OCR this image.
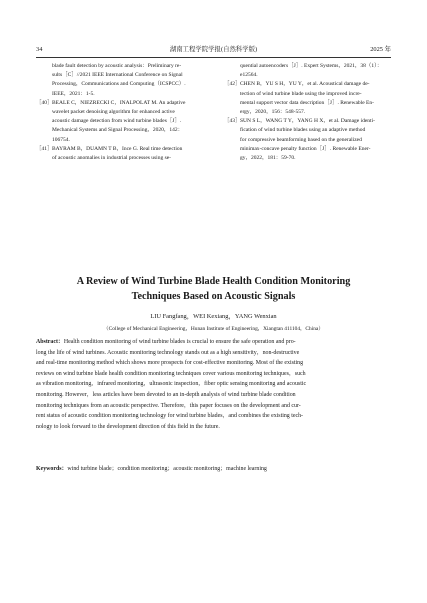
34	湖南工程学院学报(自然科学版)	2025 年
blade fault detection by acoustic analysis：Preliminary re-
sults［C］//2021 IEEE International Conference on Signal
Processing，Communications and Computing（ICSPCC）.
IEEE，2021：1-5.
［40］ BEALE C，NIEZRECKI C，INALPOLAT M. An adaptive
wavelet packet denoising algorithm for enhanced active
acoustic damage detection from wind turbine blades［J］.
Mechanical Systems and Signal Processing，2020，142：
106754.
［41］ BAYRAM B，DUAMN T B，Ince G. Real time detection
of acoustic anomalies in industrial processes using se-
quential autoencoders［J］. Expert Systems，2021，38（1）：
e12564.
［42］ CHEN B，YU S H，YU Y，et al. Acoustical damage de-
tection of wind turbine blade using the improved incre-
mental support vector data description［J］. Renewable En-
ergy，2020，156：548-557.
［43］ SUN S L，WANG T Y，YANG H X，et al. Damage identi-
fication of wind turbine blades using an adaptive method
for compressive beamforming based on the generalized
minimax-concave penalty function［J］. Renewable Ener-
gy，2022，181：59-70.
A Review of Wind Turbine Blade Health Condition Monitoring
Techniques Based on Acoustic Signals
LIU Fangfang，WEI Kexiang，YANG Wenxian
（College of Mechanical Engineering，Hunan Institute of Engineering，Xiangtan 411104，China）
Abstract：Health condition monitoring of wind turbine blades is crucial to ensure the safe operation and pro-
long the life of wind turbines. Acoustic monitoring technology stands out as a high sensitivity，non-destructive
and real-time monitoring method which shows more prospects for cost-effective monitoring. Most of the existing
reviews on wind turbine blade health condition monitoring techniques cover various monitoring techniques，such
as vibration monitoring，infrared monitoring，ultrasonic inspection，fiber optic sensing monitoring and acoustic
monitoring. However，less articles have been devoted to an in-depth analysis of wind turbine blade condition
monitoring techniques from an acoustic perspective. Therefore，this paper focuses on the development and cur-
rent status of acoustic condition monitoring technology for wind turbine blades，and combines the existing tech-
nology to look forward to the development direction of this field in the future.
Keywords：wind turbine blade；condition monitoring；acoustic monitoring；machine learning
